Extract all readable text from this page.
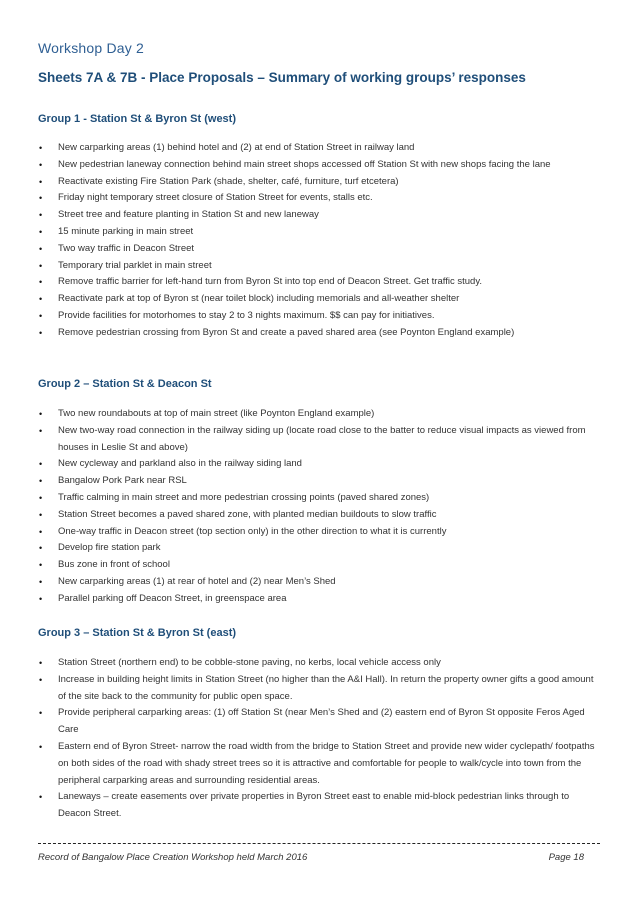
Workshop Day 2
Sheets 7A & 7B - Place Proposals – Summary of working groups’ responses
Group 1 - Station St & Byron St (west)
• New carparking areas (1) behind hotel and (2) at end of Station Street in railway land
• New pedestrian laneway connection behind main street shops accessed off Station St with new shops facing the lane
• Reactivate existing Fire Station Park (shade, shelter, café, furniture, turf etcetera)
• Friday night temporary street closure of Station Street for events, stalls etc.
• Street tree and feature planting in Station St and new laneway
• 15 minute parking in main street
• Two way traffic in Deacon Street
• Temporary trial parklet in main street
• Remove traffic barrier for left-hand turn from Byron St into top end of Deacon Street. Get traffic study.
• Reactivate park at top of Byron st (near toilet block) including memorials and all-weather shelter
• Provide facilities for motorhomes to stay 2 to 3 nights maximum. $$ can pay for initiatives.
• Remove pedestrian crossing from Byron St and create a paved shared area (see Poynton England example)
Group 2 – Station St & Deacon St
• Two new roundabouts at top of main street (like Poynton England example)
• New two-way road connection in the railway siding up (locate road close to the batter to reduce visual impacts as viewed from houses in Leslie St and above)
• New cycleway and parkland also in the railway siding land
• Bangalow Pork Park near RSL
• Traffic calming in main street and more pedestrian crossing points (paved shared zones)
• Station Street becomes a paved shared zone, with planted median buildouts to slow traffic
• One-way traffic in Deacon street (top section only) in the other direction to what it is currently
• Develop fire station park
• Bus zone in front of school
• New carparking areas (1) at rear of hotel and (2) near Men’s Shed
• Parallel parking off Deacon Street, in greenspace area
Group 3 – Station St & Byron St (east)
• Station Street (northern end) to be cobble-stone paving, no kerbs, local vehicle access only
• Increase in building height limits in Station Street (no higher than the A&I Hall). In return the property owner gifts a good amount of the site back to the community for public open space.
• Provide peripheral carparking areas: (1) off Station St (near Men’s Shed and (2) eastern end of Byron St opposite Feros Aged Care
• Eastern end of Byron Street- narrow the road width from the bridge to Station Street and provide new wider cyclepath/ footpaths on both sides of the road with shady street trees so it is attractive and comfortable for people to walk/cycle into town from the peripheral carparking areas and surrounding residential areas.
• Laneways – create easements over private properties in Byron Street east to enable mid-block pedestrian links through to Deacon Street.
Record of Bangalow Place Creation Workshop held March 2016	Page 18
